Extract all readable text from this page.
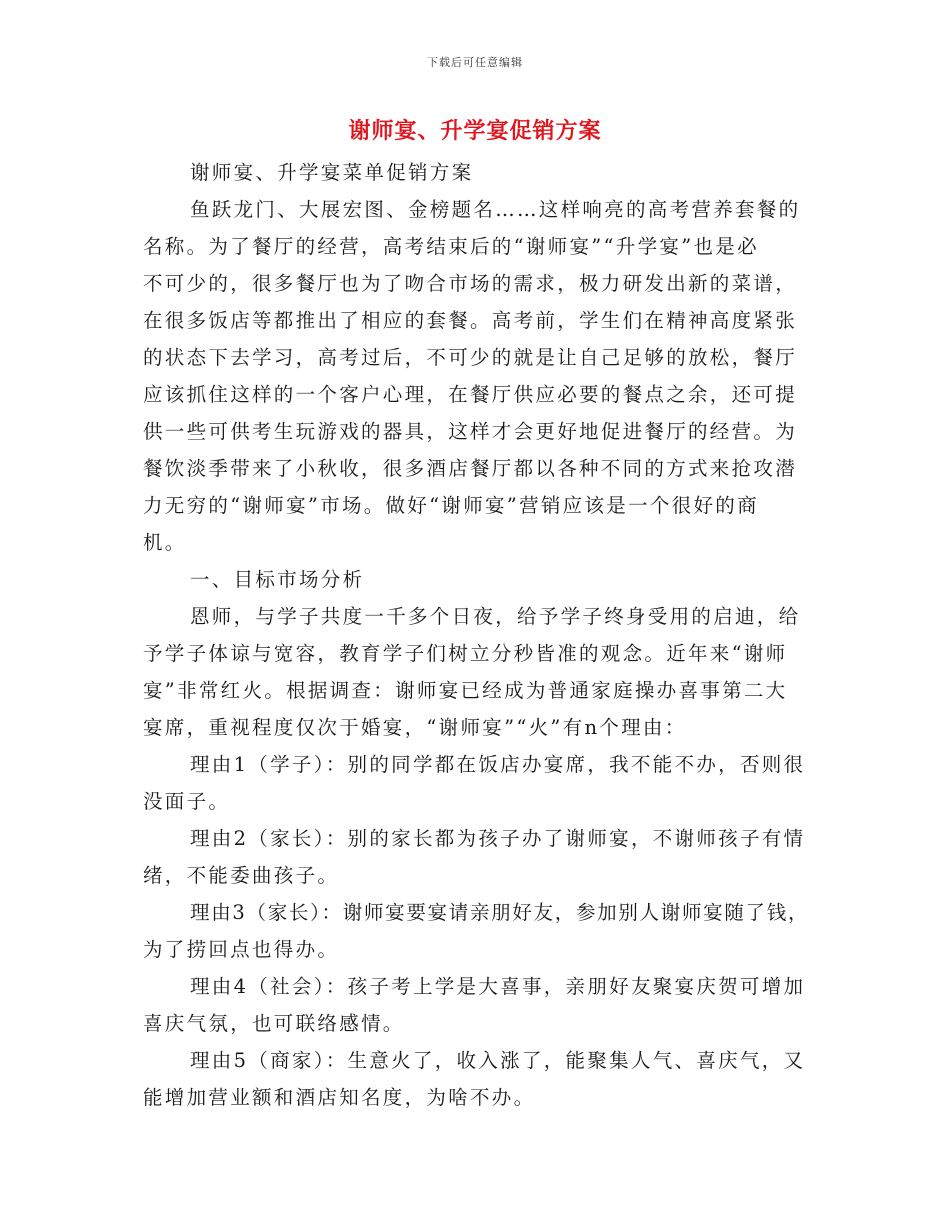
下载后可任意编辑
谢师宴、升学宴促销方案
谢师宴、升学宴菜单促销方案
鱼跃龙门、大展宏图、金榜题名……这样响亮的高考营养套餐的
名称。为了餐厅的经营，高考结束后的“谢师宴”“升学宴”也是必
不可少的，很多餐厅也为了吻合市场的需求，极力研发出新的菜谱，
在很多饭店等都推出了相应的套餐。高考前，学生们在精神高度紧张
的状态下去学习，高考过后，不可少的就是让自己足够的放松，餐厅
应该抓住这样的一个客户心理，在餐厅供应必要的餐点之余，还可提
供一些可供考生玩游戏的器具，这样才会更好地促进餐厅的经营。为
餐饮淡季带来了小秋收，很多酒店餐厅都以各种不同的方式来抢攻潜
力无穷的“谢师宴”市场。做好“谢师宴”营销应该是一个很好的商
机。
一、目标市场分析
恩师，与学子共度一千多个日夜，给予学子终身受用的启迪，给
予学子体谅与宽容，教育学子们树立分秒皆准的观念。近年来“谢师
宴”非常红火。根据调查：谢师宴已经成为普通家庭操办喜事第二大
宴席，重视程度仅次于婚宴，“谢师宴”“火”有n个理由：
理由1（学子）：别的同学都在饭店办宴席，我不能不办，否则很
没面子。
理由2（家长）：别的家长都为孩子办了谢师宴，不谢师孩子有情
绪，不能委曲孩子。
理由3（家长）：谢师宴要宴请亲朋好友，参加别人谢师宴随了钱，
为了捞回点也得办。
理由4（社会）：孩子考上学是大喜事，亲朋好友聚宴庆贺可增加
喜庆气氛，也可联络感情。
理由5（商家）：生意火了，收入涨了，能聚集人气、喜庆气，又
能增加营业额和酒店知名度，为啥不办。
